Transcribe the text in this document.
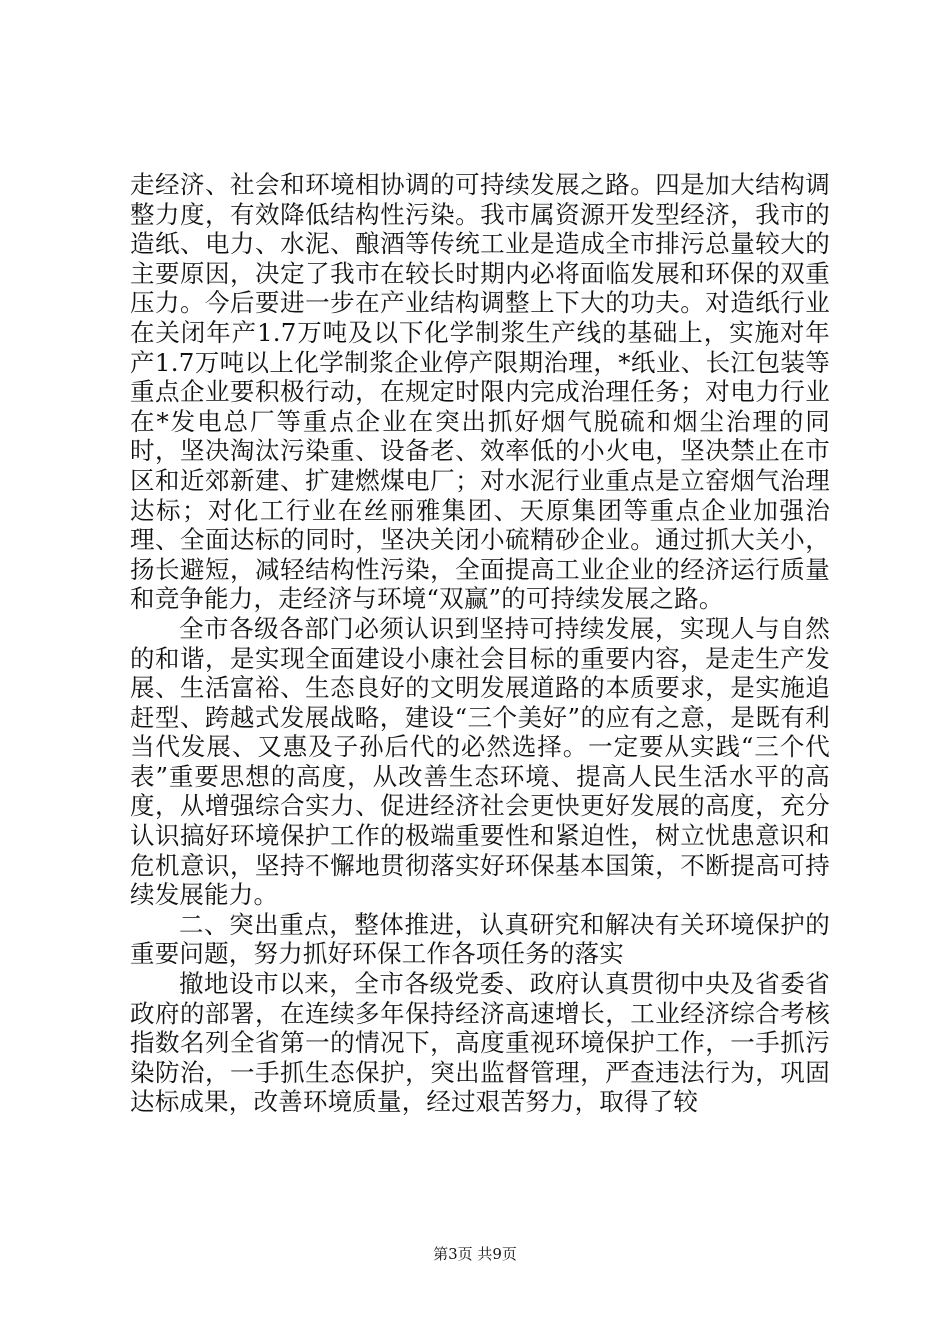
走经济、社会和环境相协调的可持续发展之路。四是加大结构调整力度，有效降低结构性污染。我市属资源开发型经济，我市的造纸、电力、水泥、酿酒等传统工业是造成全市排污总量较大的主要原因，决定了我市在较长时期内必将面临发展和环保的双重压力。今后要进一步在产业结构调整上下大的功夫。对造纸行业在关闭年产1.7万吨及以下化学制浆生产线的基础上，实施对年产1.7万吨以上化学制浆企业停产限期治理，*纸业、长江包装等重点企业要积极行动，在规定时限内完成治理任务；对电力行业在*发电总厂等重点企业在突出抓好烟气脱硫和烟尘治理的同时，坚决淘汰污染重、设备老、效率低的小火电，坚决禁止在市区和近郊新建、扩建燃煤电厂；对水泥行业重点是立窑烟气治理达标；对化工行业在丝丽雅集团、天原集团等重点企业加强治理、全面达标的同时，坚决关闭小硫精砂企业。通过抓大关小，扬长避短，减轻结构性污染，全面提高工业企业的经济运行质量和竞争能力，走经济与环境“双赢”的可持续发展之路。

全市各级各部门必须认识到坚持可持续发展，实现人与自然的和谐，是实现全面建设小康社会目标的重要内容，是走生产发展、生活富裕、生态良好的文明发展道路的本质要求，是实施追赶型、跨越式发展战略，建设“三个美好”的应有之意，是既有利当代发展、又惠及子孙后代的必然选择。一定要从实践“三个代表”重要思想的高度，从改善生态环境、提高人民生活水平的高度，从增强综合实力、促进经济社会更快更好发展的高度，充分认识搞好环境保护工作的极端重要性和紧迫性，树立忧患意识和危机意识，坚持不懈地贯彻落实好环保基本国策，不断提高可持续发展能力。

二、突出重点，整体推进，认真研究和解决有关环境保护的重要问题，努力抓好环保工作各项任务的落实

撤地设市以来，全市各级党委、政府认真贯彻中央及省委省政府的部署，在连续多年保持经济高速增长，工业经济综合考核指数名列全省第一的情况下，高度重视环境保护工作，一手抓污染防治，一手抓生态保护，突出监督管理，严查违法行为，巩固达标成果，改善环境质量，经过艰苦努力，取得了较

第3页 共9页
